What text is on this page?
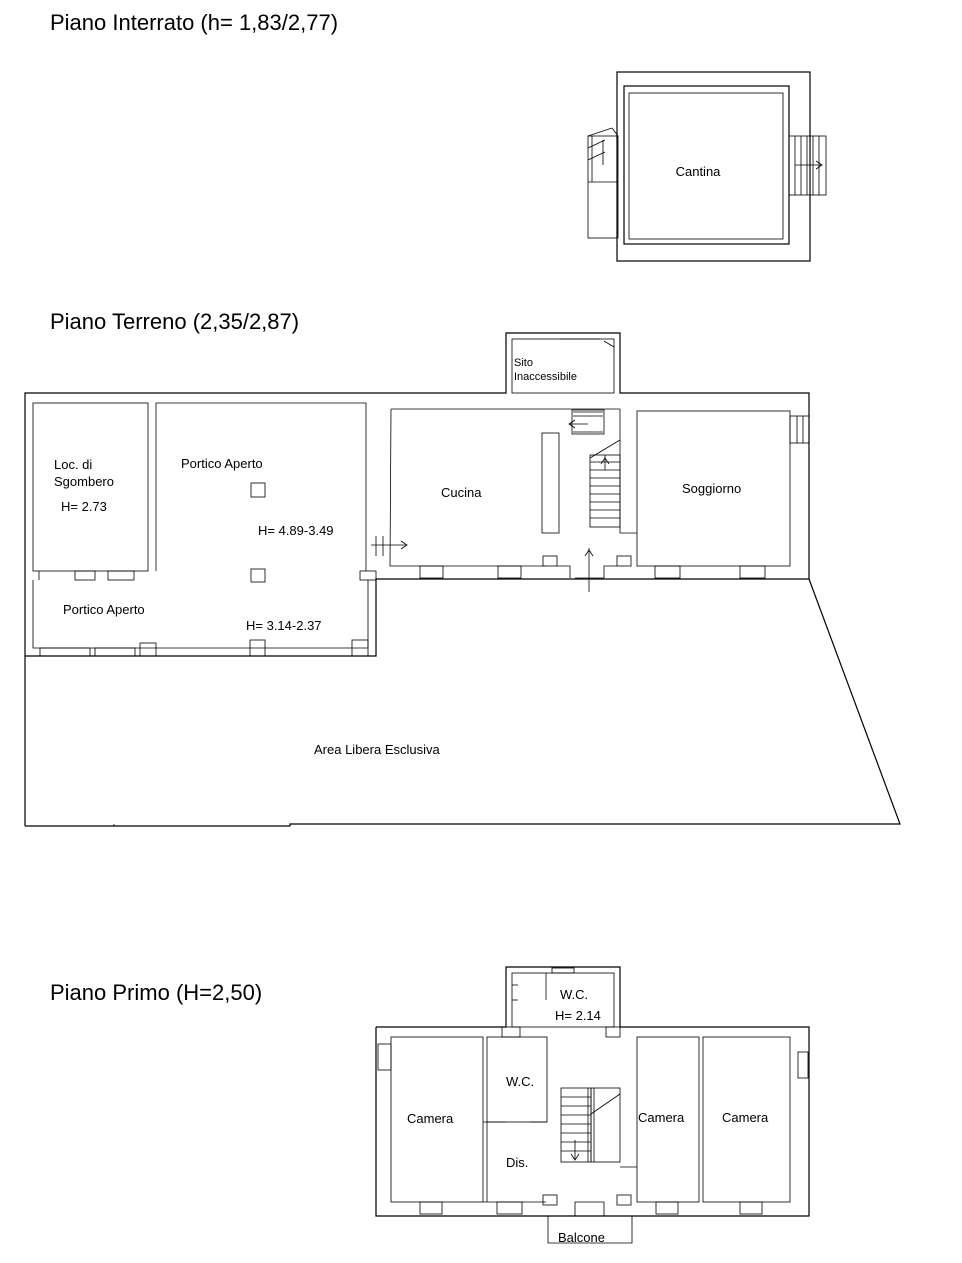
Piano Interrato (h= 1,83/2,77)
Cantina
Piano Terreno (2,35/2,87)
Sito
Inaccessibile
Loc. di
Sgombero
H= 2.73
Portico Aperto
H= 4.89-3.49
Portico Aperto
H= 3.14-2.37
Cucina	Soggiorno
Area Libera Esclusiva
Piano Primo (H=2,50)	W.C.
H= 2.14
Camera
W.C.
Dis.
Camera	Camera
Balcone
